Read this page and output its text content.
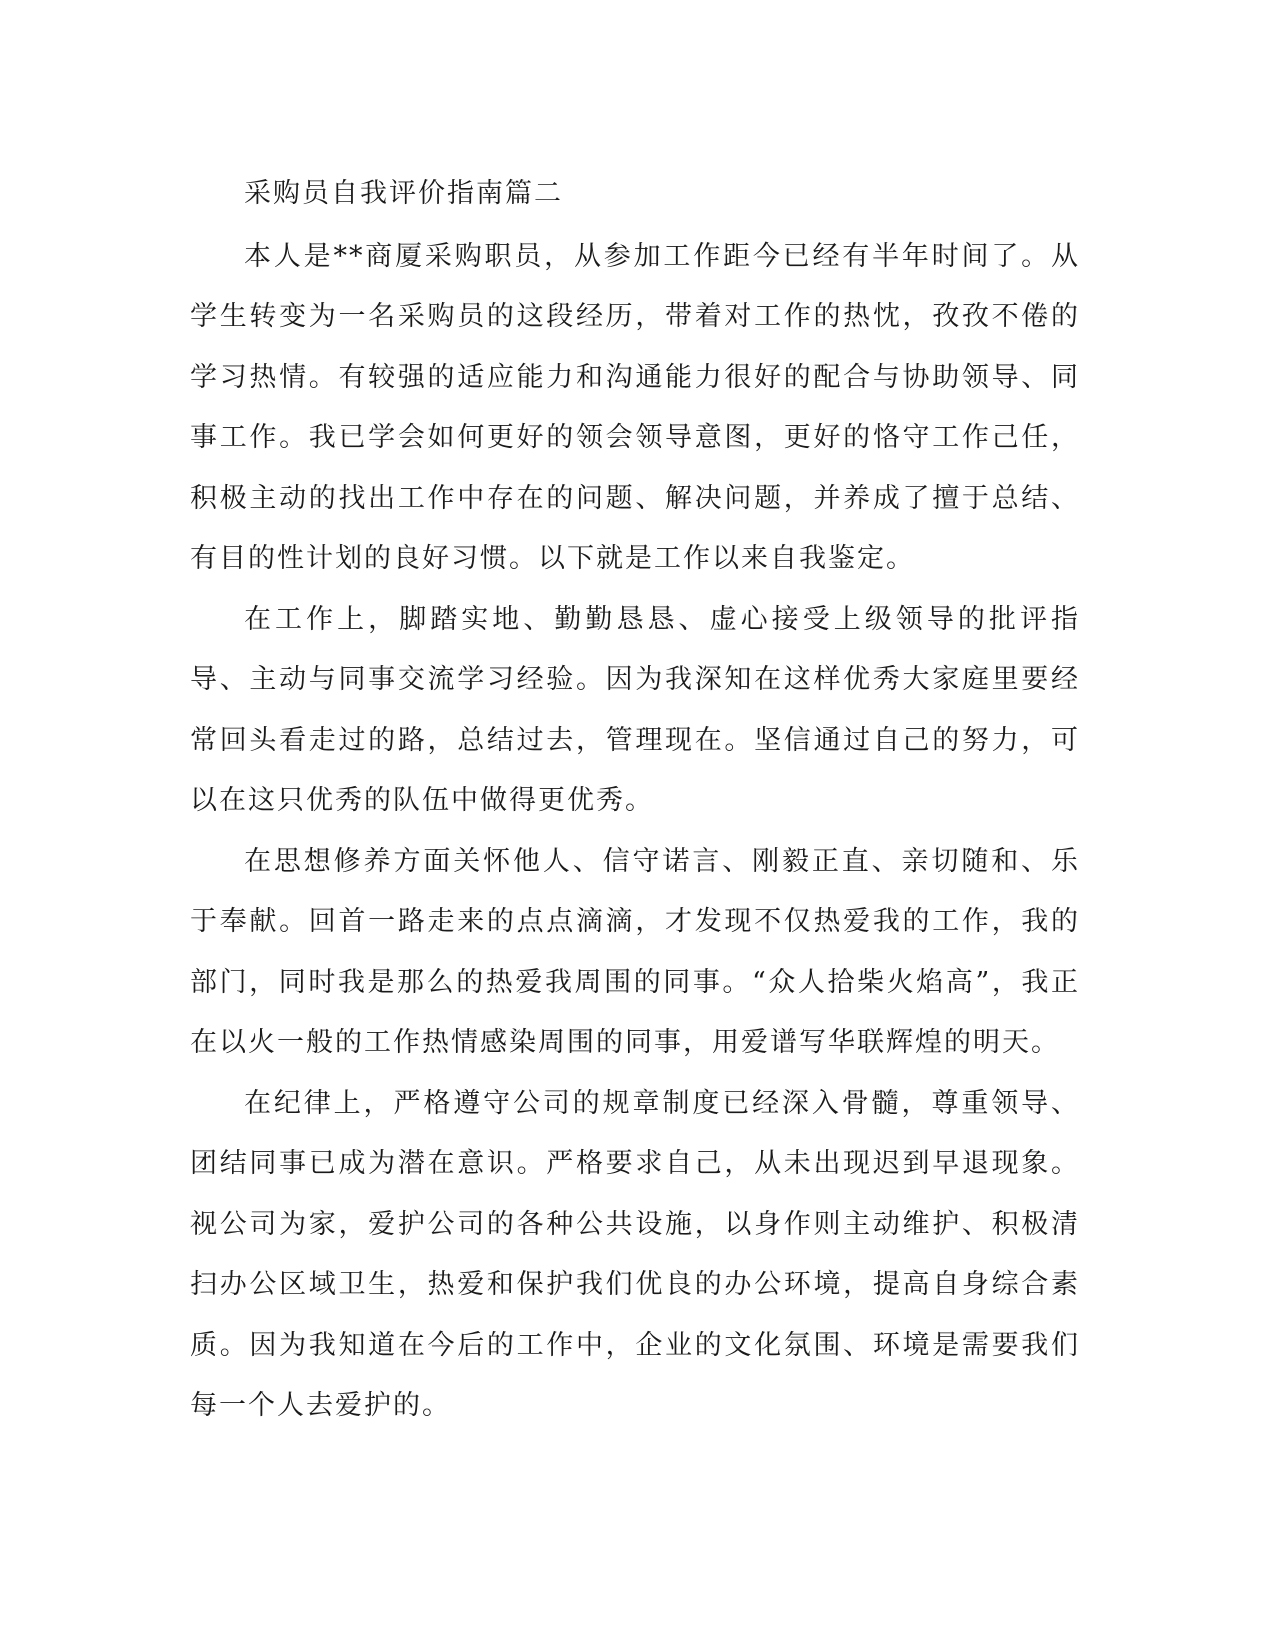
采购员自我评价指南篇二

本人是**商厦采购职员，从参加工作距今已经有半年时间了。从学生转变为一名采购员的这段经历，带着对工作的热忱，孜孜不倦的学习热情。有较强的适应能力和沟通能力很好的配合与协助领导、同事工作。我已学会如何更好的领会领导意图，更好的恪守工作己任，积极主动的找出工作中存在的问题、解决问题，并养成了擅于总结、有目的性计划的良好习惯。以下就是工作以来自我鉴定。

在工作上，脚踏实地、勤勤恳恳、虚心接受上级领导的批评指导、主动与同事交流学习经验。因为我深知在这样优秀大家庭里要经常回头看走过的路，总结过去，管理现在。坚信通过自己的努力，可以在这只优秀的队伍中做得更优秀。

在思想修养方面关怀他人、信守诺言、刚毅正直、亲切随和、乐于奉献。回首一路走来的点点滴滴，才发现不仅热爱我的工作，我的部门，同时我是那么的热爱我周围的同事。“众人拾柴火焰高”，我正在以火一般的工作热情感染周围的同事，用爱谱写华联辉煌的明天。

在纪律上，严格遵守公司的规章制度已经深入骨髓，尊重领导、团结同事已成为潜在意识。严格要求自己，从未出现迟到早退现象。视公司为家，爱护公司的各种公共设施，以身作则主动维护、积极清扫办公区域卫生，热爱和保护我们优良的办公环境，提高自身综合素质。因为我知道在今后的工作中，企业的文化氛围、环境是需要我们每一个人去爱护的。
